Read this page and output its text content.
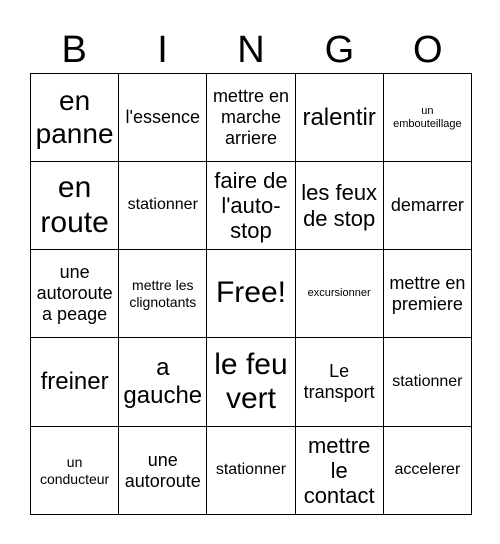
B	I	N	G	O
en panne	l'essence	mettre en marche arriere	ralentir	un embouteillage
en route	stationner	faire de l'auto-stop	les feux de stop	demarrer
une autoroute a peage	mettre les clignotants	Free!	excursionner	mettre en premiere
freiner	a gauche	le feu vert	Le transport	stationner
un conducteur	une autoroute	stationner	mettre le contact	accelerer
